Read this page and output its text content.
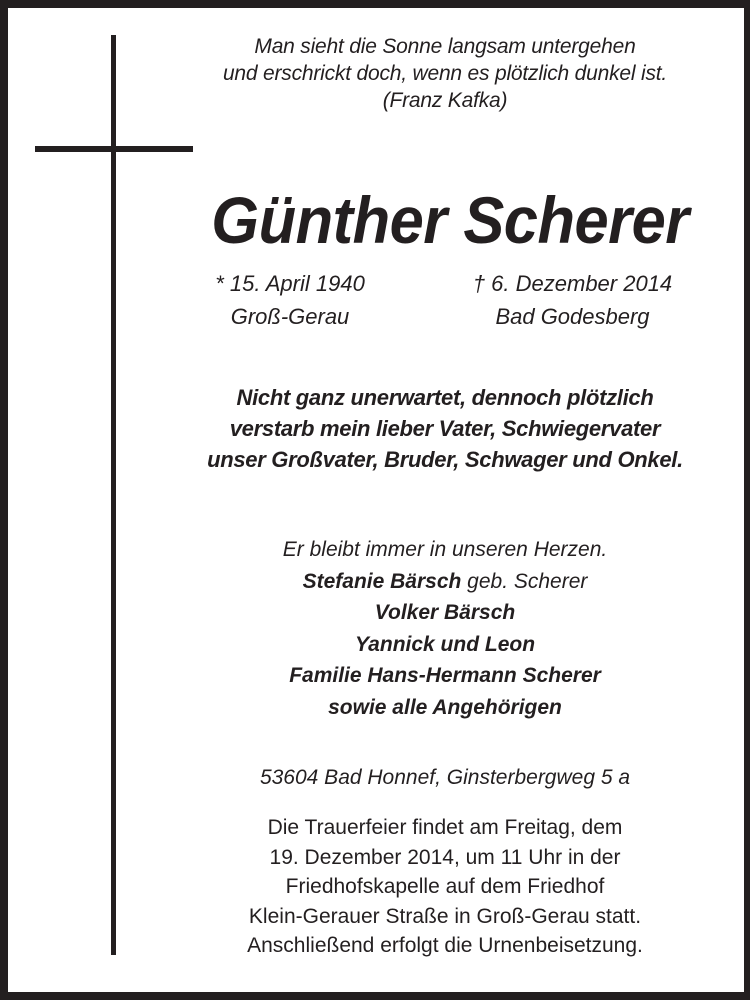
Man sieht die Sonne langsam untergehen
und erschrickt doch, wenn es plötzlich dunkel ist.
(Franz Kafka)
Günther Scherer
* 15. April 1940
Groß-Gerau
† 6. Dezember 2014
Bad Godesberg
Nicht ganz unerwartet, dennoch plötzlich
verstarb mein lieber Vater, Schwiegervater
unser Großvater, Bruder, Schwager und Onkel.
Er bleibt immer in unseren Herzen.
Stefanie Bärsch geb. Scherer
Volker Bärsch
Yannick und Leon
Familie Hans-Hermann Scherer
sowie alle Angehörigen
53604 Bad Honnef, Ginsterbergweg 5 a
Die Trauerfeier findet am Freitag, dem
19. Dezember 2014, um 11 Uhr in der
Friedhofskapelle auf dem Friedhof
Klein-Gerauer Straße in Groß-Gerau statt.
Anschließend erfolgt die Urnenbeisetzung.
